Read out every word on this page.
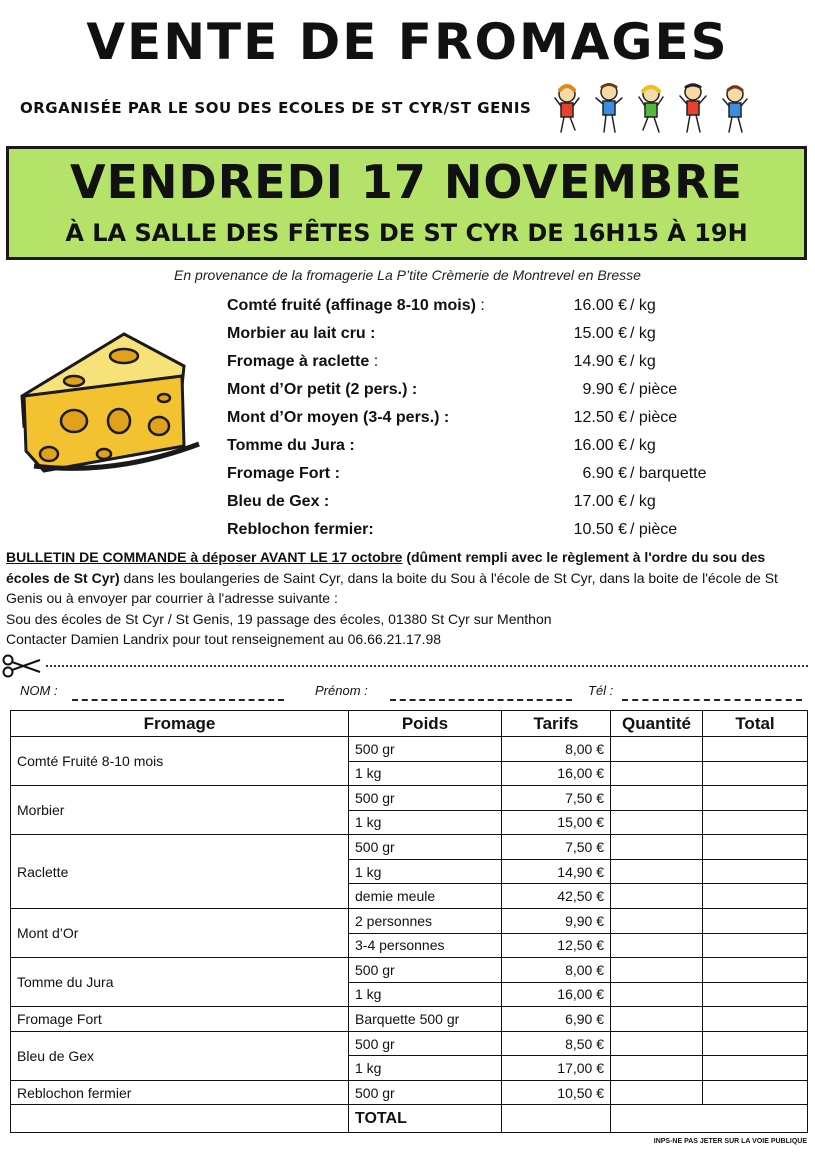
VENTE DE FROMAGES
ORGANISÉE PAR LE SOU DES ECOLES DE ST CYR/ST GENIS
VENDREDI 17 NOVEMBRE
À LA SALLE DES FÊTES DE ST CYR DE 16H15 À 19H
En provenance de la fromagerie La P’tite Crèmerie de Montrevel en Bresse
Comté fruité (affinage 8-10 mois) :	16.00 € / kg
Morbier au lait cru :	15.00 € / kg
Fromage à raclette :	14.90 € / kg
Mont d’Or petit (2 pers.) :	9.90 € / pièce
Mont d’Or moyen (3-4 pers.) :	12.50 € / pièce
Tomme du Jura :	16.00 € / kg
Fromage Fort :	6.90 € / barquette
Bleu de Gex :	17.00 € / kg
Reblochon fermier:	10.50 € / pièce
BULLETIN DE COMMANDE à déposer AVANT LE 17 octobre (dûment rempli avec le règlement à l'ordre du sou des écoles de St Cyr) dans les boulangeries de Saint Cyr, dans la boite du Sou à l'école de St Cyr, dans la boite de l'école de St Genis ou à envoyer par courrier à l'adresse suivante :
Sou des écoles de St Cyr / St Genis, 19 passage des écoles, 01380 St Cyr sur Menthon
Contacter Damien Landrix pour tout renseignement au 06.66.21.17.98
NOM :	Prénom :	Tél :
Fromage	Poids	Tarifs	Quantité	Total
Comté Fruité 8-10 mois	500 gr	8,00 €		
	1 kg	16,00 €		
Morbier	500 gr	7,50 €		
	1 kg	15,00 €		
Raclette	500 gr	7,50 €		
	1 kg	14,90 €		
	demie meule	42,50 €		
Mont d’Or	2 personnes	9,90 €		
	3-4 personnes	12,50 €		
Tomme du Jura	500 gr	8,00 €		
	1 kg	16,00 €		
Fromage Fort	Barquette 500 gr	6,90 €		
Bleu de Gex	500 gr	8,50 €		
	1 kg	17,00 €		
Reblochon fermier	500 gr	10,50 €		
	TOTAL			
INPS-NE PAS JETER SUR LA VOIE PUBLIQUE
